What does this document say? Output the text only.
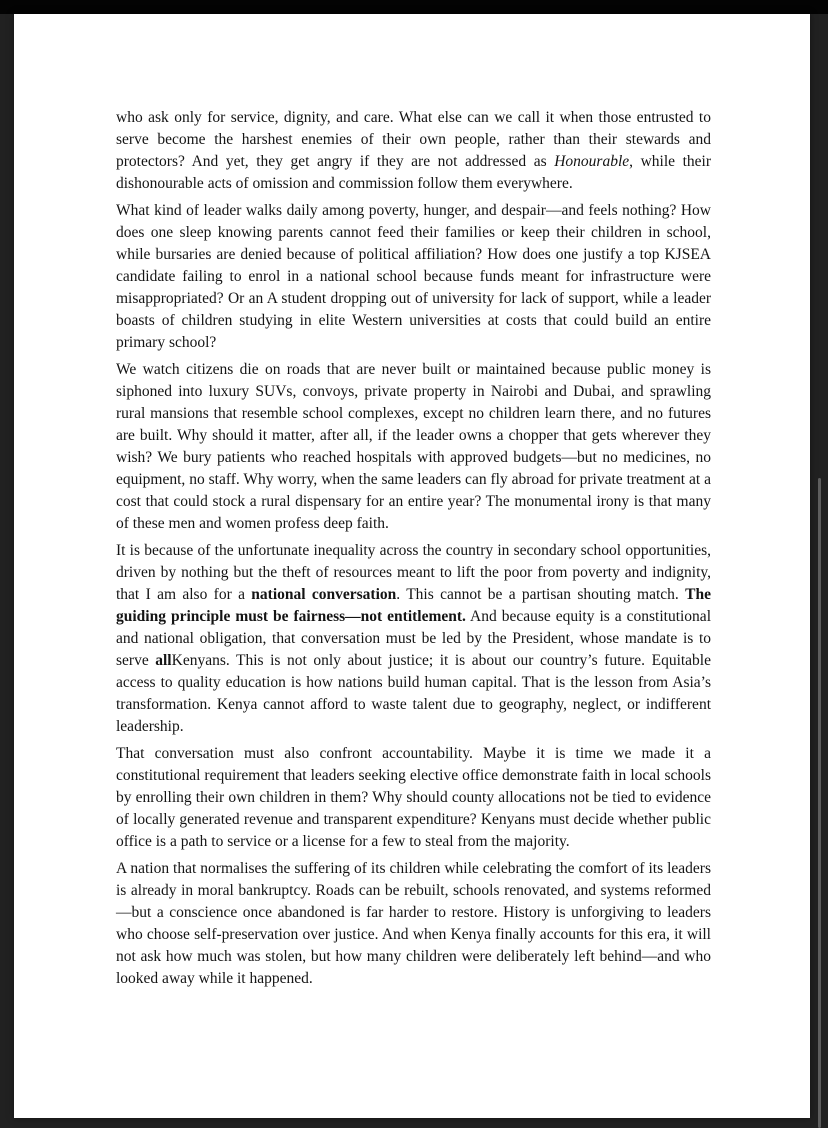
who ask only for service, dignity, and care. What else can we call it when those entrusted to serve become the harshest enemies of their own people, rather than their stewards and protectors? And yet, they get angry if they are not addressed as Honourable, while their dishonourable acts of omission and commission follow them everywhere.

What kind of leader walks daily among poverty, hunger, and despair—and feels nothing? How does one sleep knowing parents cannot feed their families or keep their children in school, while bursaries are denied because of political affiliation? How does one justify a top KJSEA candidate failing to enrol in a national school because funds meant for infrastructure were misappropriated? Or an A student dropping out of university for lack of support, while a leader boasts of children studying in elite Western universities at costs that could build an entire primary school?

We watch citizens die on roads that are never built or maintained because public money is siphoned into luxury SUVs, convoys, private property in Nairobi and Dubai, and sprawling rural mansions that resemble school complexes, except no children learn there, and no futures are built. Why should it matter, after all, if the leader owns a chopper that gets wherever they wish? We bury patients who reached hospitals with approved budgets—but no medicines, no equipment, no staff. Why worry, when the same leaders can fly abroad for private treatment at a cost that could stock a rural dispensary for an entire year? The monumental irony is that many of these men and women profess deep faith.

It is because of the unfortunate inequality across the country in secondary school opportunities, driven by nothing but the theft of resources meant to lift the poor from poverty and indignity, that I am also for a national conversation. This cannot be a partisan shouting match. The guiding principle must be fairness—not entitlement. And because equity is a constitutional and national obligation, that conversation must be led by the President, whose mandate is to serve allKenyans. This is not only about justice; it is about our country’s future. Equitable access to quality education is how nations build human capital. That is the lesson from Asia’s transformation. Kenya cannot afford to waste talent due to geography, neglect, or indifferent leadership.

That conversation must also confront accountability. Maybe it is time we made it a constitutional requirement that leaders seeking elective office demonstrate faith in local schools by enrolling their own children in them? Why should county allocations not be tied to evidence of locally generated revenue and transparent expenditure? Kenyans must decide whether public office is a path to service or a license for a few to steal from the majority.

A nation that normalises the suffering of its children while celebrating the comfort of its leaders is already in moral bankruptcy. Roads can be rebuilt, schools renovated, and systems reformed—but a conscience once abandoned is far harder to restore. History is unforgiving to leaders who choose self-preservation over justice. And when Kenya finally accounts for this era, it will not ask how much was stolen, but how many children were deliberately left behind—and who looked away while it happened.
